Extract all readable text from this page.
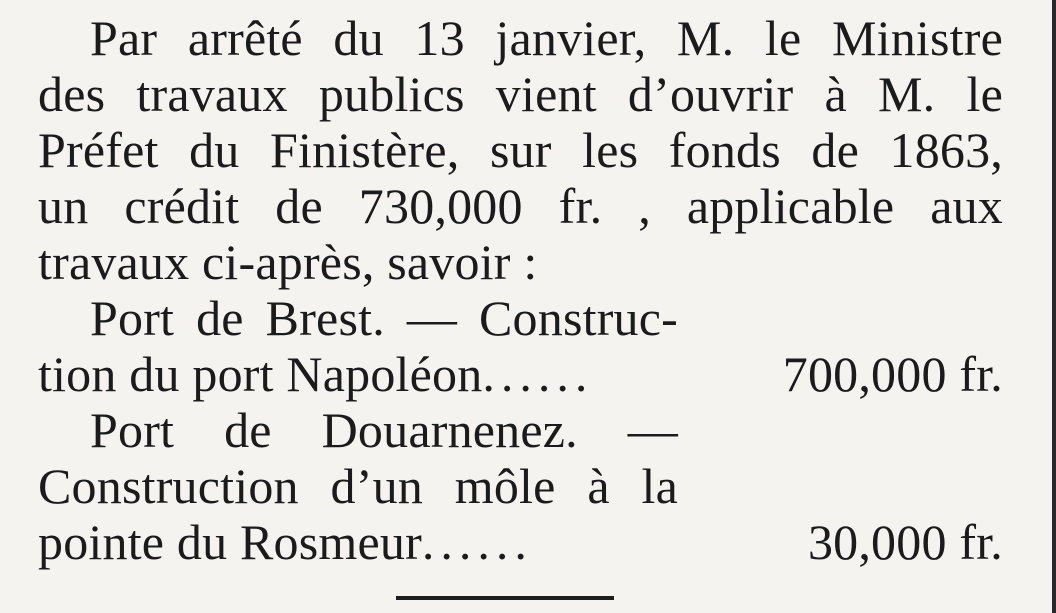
Par arrêté du 13 janvier, M. le Ministre
des travaux publics vient d’ouvrir à M. le
Préfet du Finistère, sur les fonds de 1863,
un crédit de 730,000 fr. , applicable aux
travaux ci-après, savoir :
Port de Brest. — Construc-
tion du port Napoléon......	700,000 fr.
Port de Douarnenez. —
Construction d’un môle à la
pointe du Rosmeur......	30,000 fr.
